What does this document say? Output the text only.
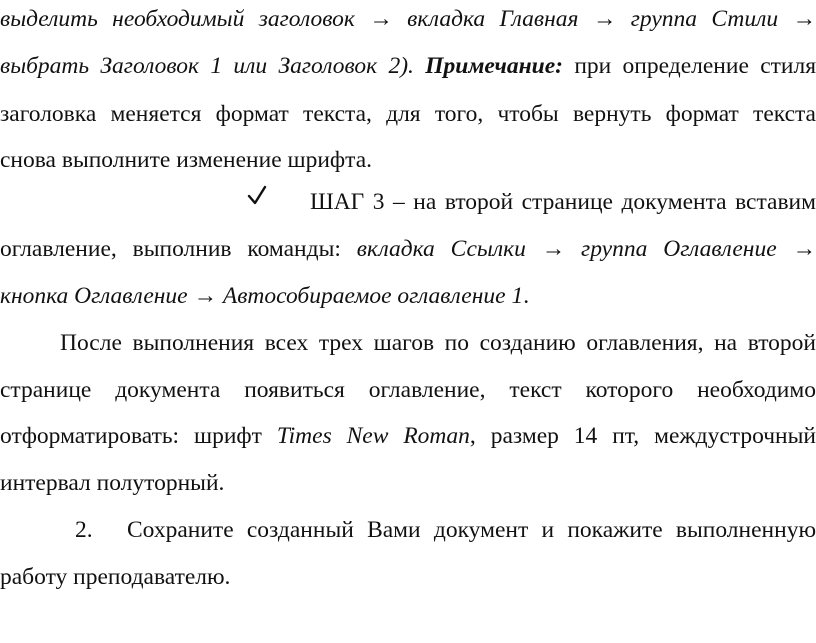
выделить необходимый заголовок → вкладка Главная → группа Стили →
выбрать Заголовок 1 или Заголовок 2). Примечание: при определение стиля
заголовка меняется формат текста, для того, чтобы вернуть формат текста
снова выполните изменение шрифта.
ШАГ 3 – на второй странице документа вставим
оглавление, выполнив команды: вкладка Ссылки → группа Оглавление →
кнопка Оглавление → Автособираемое оглавление 1.
После выполнения всех трех шагов по созданию оглавления, на второй
странице документа появиться оглавление, текст которого необходимо
отформатировать: шрифт Times New Roman, размер 14 пт, междустрочный
интервал полуторный.
2.	Сохраните созданный Вами документ и покажите выполненную
работу преподавателю.
